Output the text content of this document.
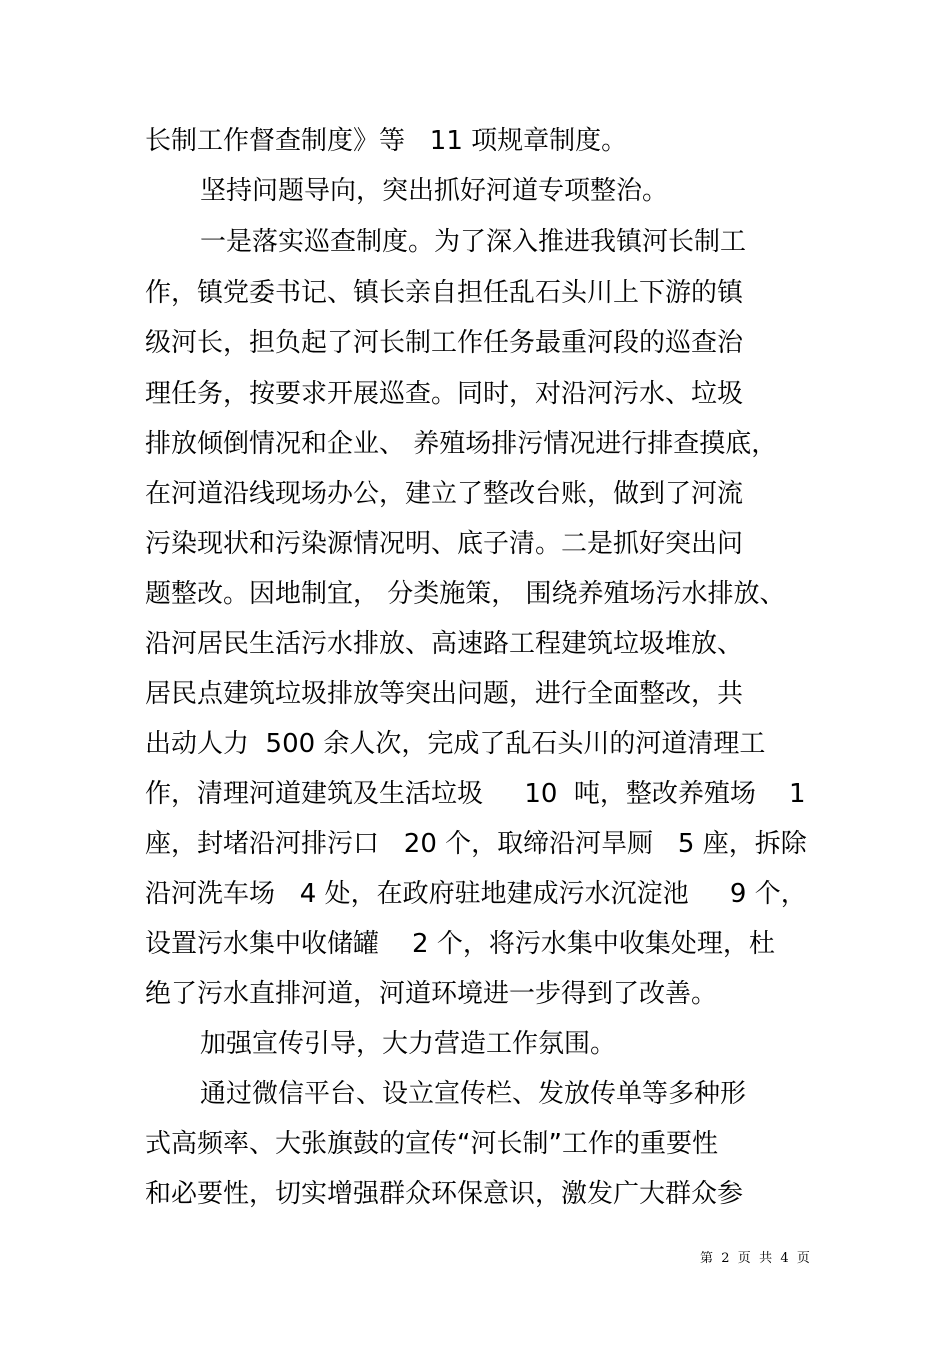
长制工作督查制度》等   11 项规章制度。
坚持问题导向，突出抓好河道专项整治。
一是落实巡查制度。为了深入推进我镇河长制工
作，镇党委书记、镇长亲自担任乱石头川上下游的镇
级河长，担负起了河长制工作任务最重河段的巡查治
理任务，按要求开展巡查。同时，对沿河污水、垃圾
排放倾倒情况和企业、 养殖场排污情况进行排查摸底，
在河道沿线现场办公，建立了整改台账，做到了河流
污染现状和污染源情况明、底子清。二是抓好突出问
题整改。因地制宜， 分类施策， 围绕养殖场污水排放、
沿河居民生活污水排放、高速路工程建筑垃圾堆放、
居民点建筑垃圾排放等突出问题，进行全面整改，共
出动人力  500 余人次，完成了乱石头川的河道清理工
作，清理河道建筑及生活垃圾     10  吨，整改养殖场    1
座，封堵沿河排污口   20 个，取缔沿河旱厕   5 座，拆除
沿河洗车场   4 处，在政府驻地建成污水沉淀池     9 个，
设置污水集中收储罐    2 个，将污水集中收集处理，杜
绝了污水直排河道，河道环境进一步得到了改善。
加强宣传引导，大力营造工作氛围。
通过微信平台、设立宣传栏、发放传单等多种形
式高频率、大张旗鼓的宣传“河长制”工作的重要性
和必要性，切实增强群众环保意识，激发广大群众参
第  2  页  共  4  页
